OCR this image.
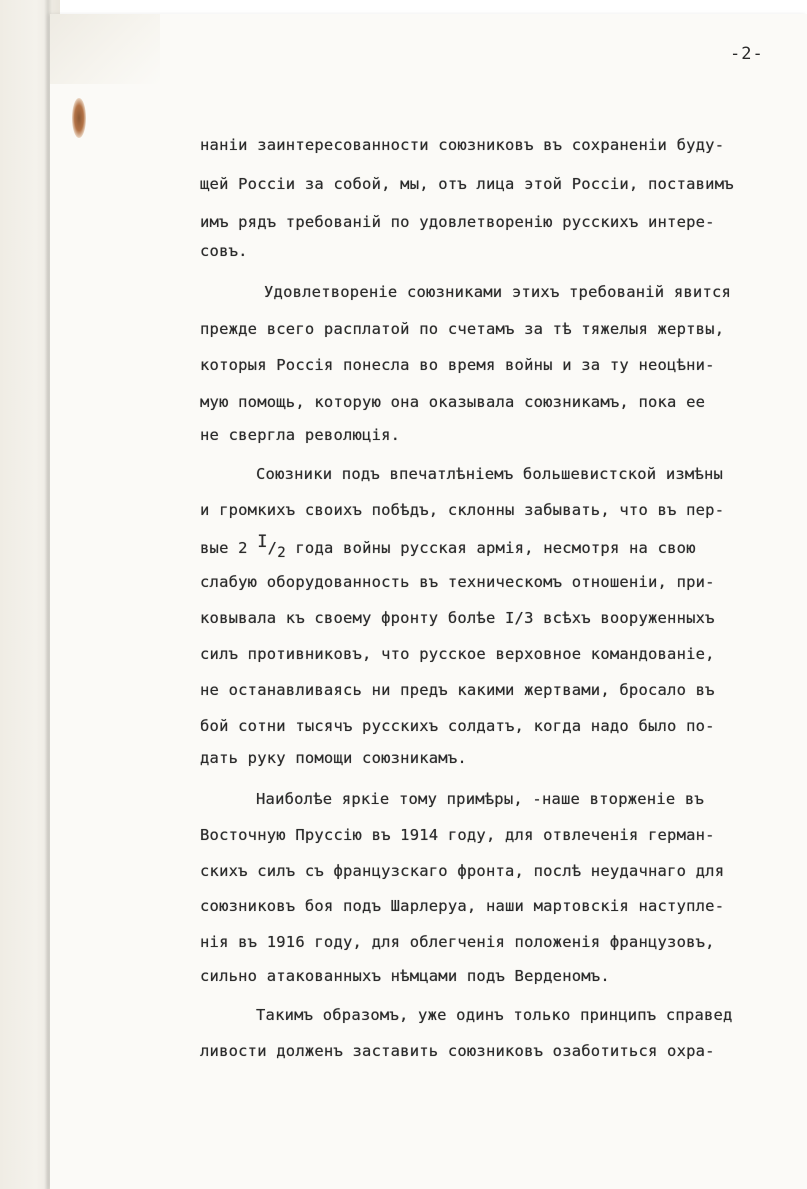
-2-
наніи заинтересованности союзниковъ въ сохраненіи буду-
щей Россіи за собой, мы, отъ лица этой Россіи, поставимъ
имъ рядъ требованій по удовлетворенію русскихъ интере-
совъ.
Удовлетвореніе союзниками этихъ требованій явится
прежде всего расплатой по счетамъ за тѣ тяжелыя жертвы,
которыя Россія понесла во время войны и за ту неоцѣни-
мую помощь, которую она оказывала союзникамъ, пока ее
не свергла революція.
Союзники подъ впечатлѣніемъ большевистской измѣны
и громкихъ своихъ побѣдъ, склонны забывать, что въ пер-
вые 2 I/2 года войны русская армія, несмотря на свою
слабую оборудованность въ техническомъ отношеніи, при-
ковывала къ своему фронту болѣе I/3 всѣхъ вооруженныхъ
силъ противниковъ, что русское верховное командованіе,
не останавливаясь ни предъ какими жертвами, бросало въ
бой сотни тысячъ русскихъ солдатъ, когда надо было по-
дать руку помощи союзникамъ.
Наиболѣе яркіе тому примѣры, -наше вторженіе въ
Восточную Пруссію въ 1914 году, для отвлеченія герман-
скихъ силъ съ французскаго фронта, послѣ неудачнаго для
союзниковъ боя подъ Шарлеруа, наши мартовскія наступле-
нія въ 1916 году, для облегченія положенія французовъ,
сильно атакованныхъ нѣмцами подъ Верденомъ.
Такимъ образомъ, уже одинъ только принципъ справед
ливости долженъ заставить союзниковъ озаботиться охра-
